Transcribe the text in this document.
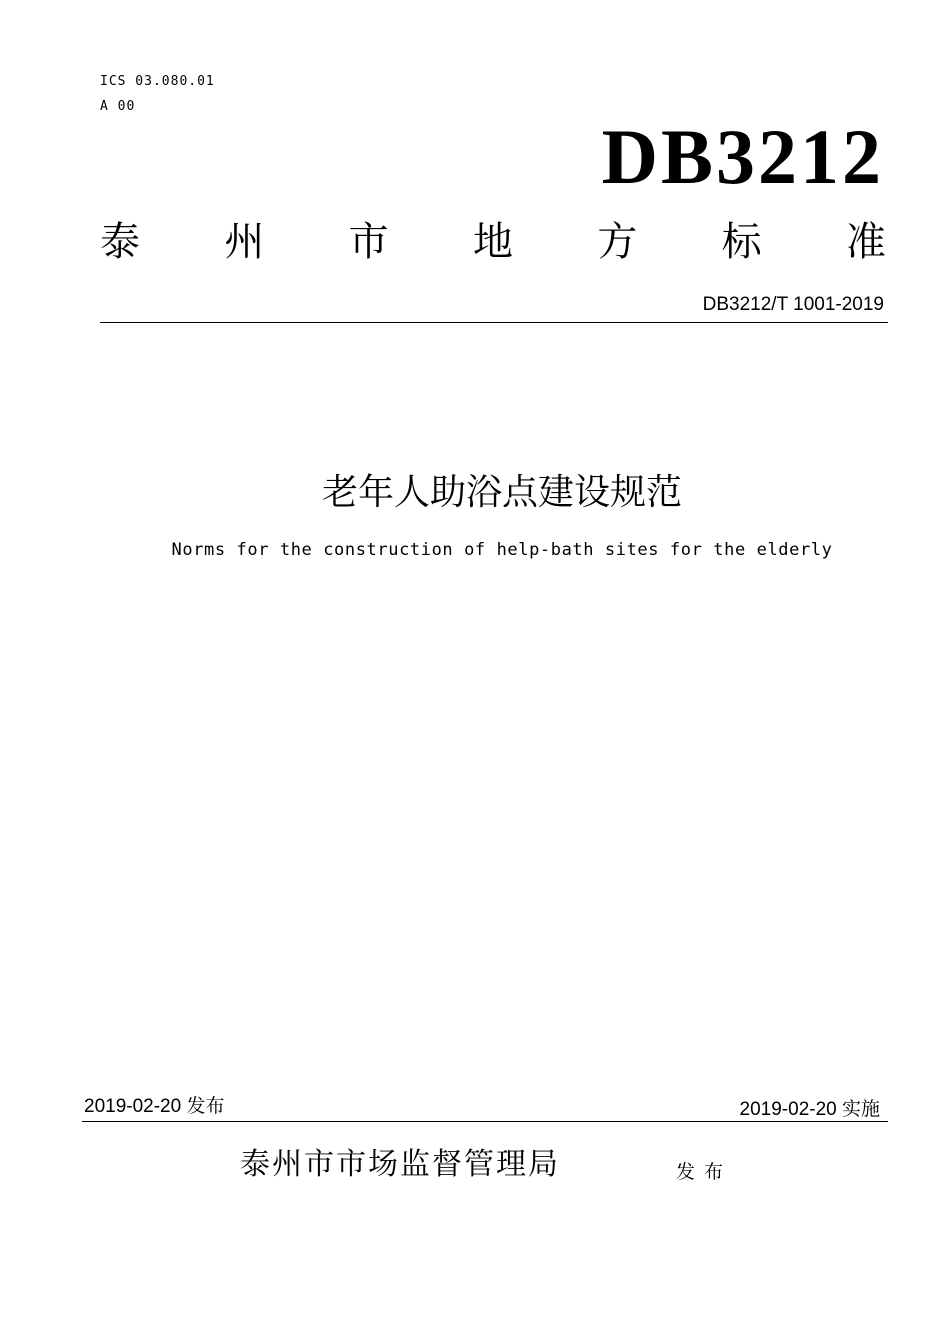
ICS 03.080.01
A 00
DB3212
泰 州 市 地 方 标 准
DB3212/T 1001-2019
老年人助浴点建设规范
Norms for the construction of help-bath sites for the elderly
2019-02-20 发布	2019-02-20 实施
泰州市市场监督管理局	发布
